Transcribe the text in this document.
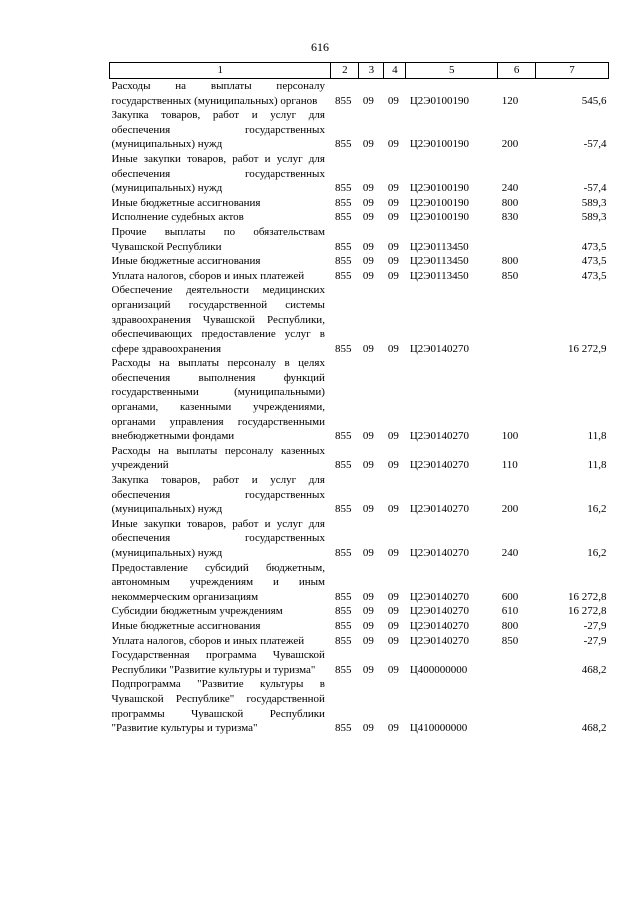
616
1	2	3	4	5	6	7
Расходы на выплаты персоналу государственных (муниципальных) органов	855	09	09	Ц2Э0100190	120	545,6
Закупка товаров, работ и услуг для обеспечения государственных (муниципальных) нужд	855	09	09	Ц2Э0100190	200	-57,4
Иные закупки товаров, работ и услуг для обеспечения государственных (муниципальных) нужд	855	09	09	Ц2Э0100190	240	-57,4
Иные бюджетные ассигнования	855	09	09	Ц2Э0100190	800	589,3
Исполнение судебных актов	855	09	09	Ц2Э0100190	830	589,3
Прочие выплаты по обязательствам Чувашской Республики	855	09	09	Ц2Э0113450		473,5
Иные бюджетные ассигнования	855	09	09	Ц2Э0113450	800	473,5
Уплата налогов, сборов и иных платежей	855	09	09	Ц2Э0113450	850	473,5
Обеспечение деятельности медицинских организаций государственной системы здравоохранения Чувашской Республики, обеспечивающих предоставление услуг в сфере здравоохранения	855	09	09	Ц2Э0140270		16 272,9
Расходы на выплаты персоналу в целях обеспечения выполнения функций государственными (муниципальными) органами, казенными учреждениями, органами управления государственными внебюджетными фондами	855	09	09	Ц2Э0140270	100	11,8
Расходы на выплаты персоналу казенных учреждений	855	09	09	Ц2Э0140270	110	11,8
Закупка товаров, работ и услуг для обеспечения государственных (муниципальных) нужд	855	09	09	Ц2Э0140270	200	16,2
Иные закупки товаров, работ и услуг для обеспечения государственных (муниципальных) нужд	855	09	09	Ц2Э0140270	240	16,2
Предоставление субсидий бюджетным, автономным учреждениям и иным некоммерческим организациям	855	09	09	Ц2Э0140270	600	16 272,8
Субсидии бюджетным учреждениям	855	09	09	Ц2Э0140270	610	16 272,8
Иные бюджетные ассигнования	855	09	09	Ц2Э0140270	800	-27,9
Уплата налогов, сборов и иных платежей	855	09	09	Ц2Э0140270	850	-27,9
Государственная программа Чувашской Республики "Развитие культуры и туризма"	855	09	09	Ц400000000		468,2
Подпрограмма "Развитие культуры в Чувашской Республике" государственной программы Чувашской Республики "Развитие культуры и туризма"	855	09	09	Ц410000000		468,2
